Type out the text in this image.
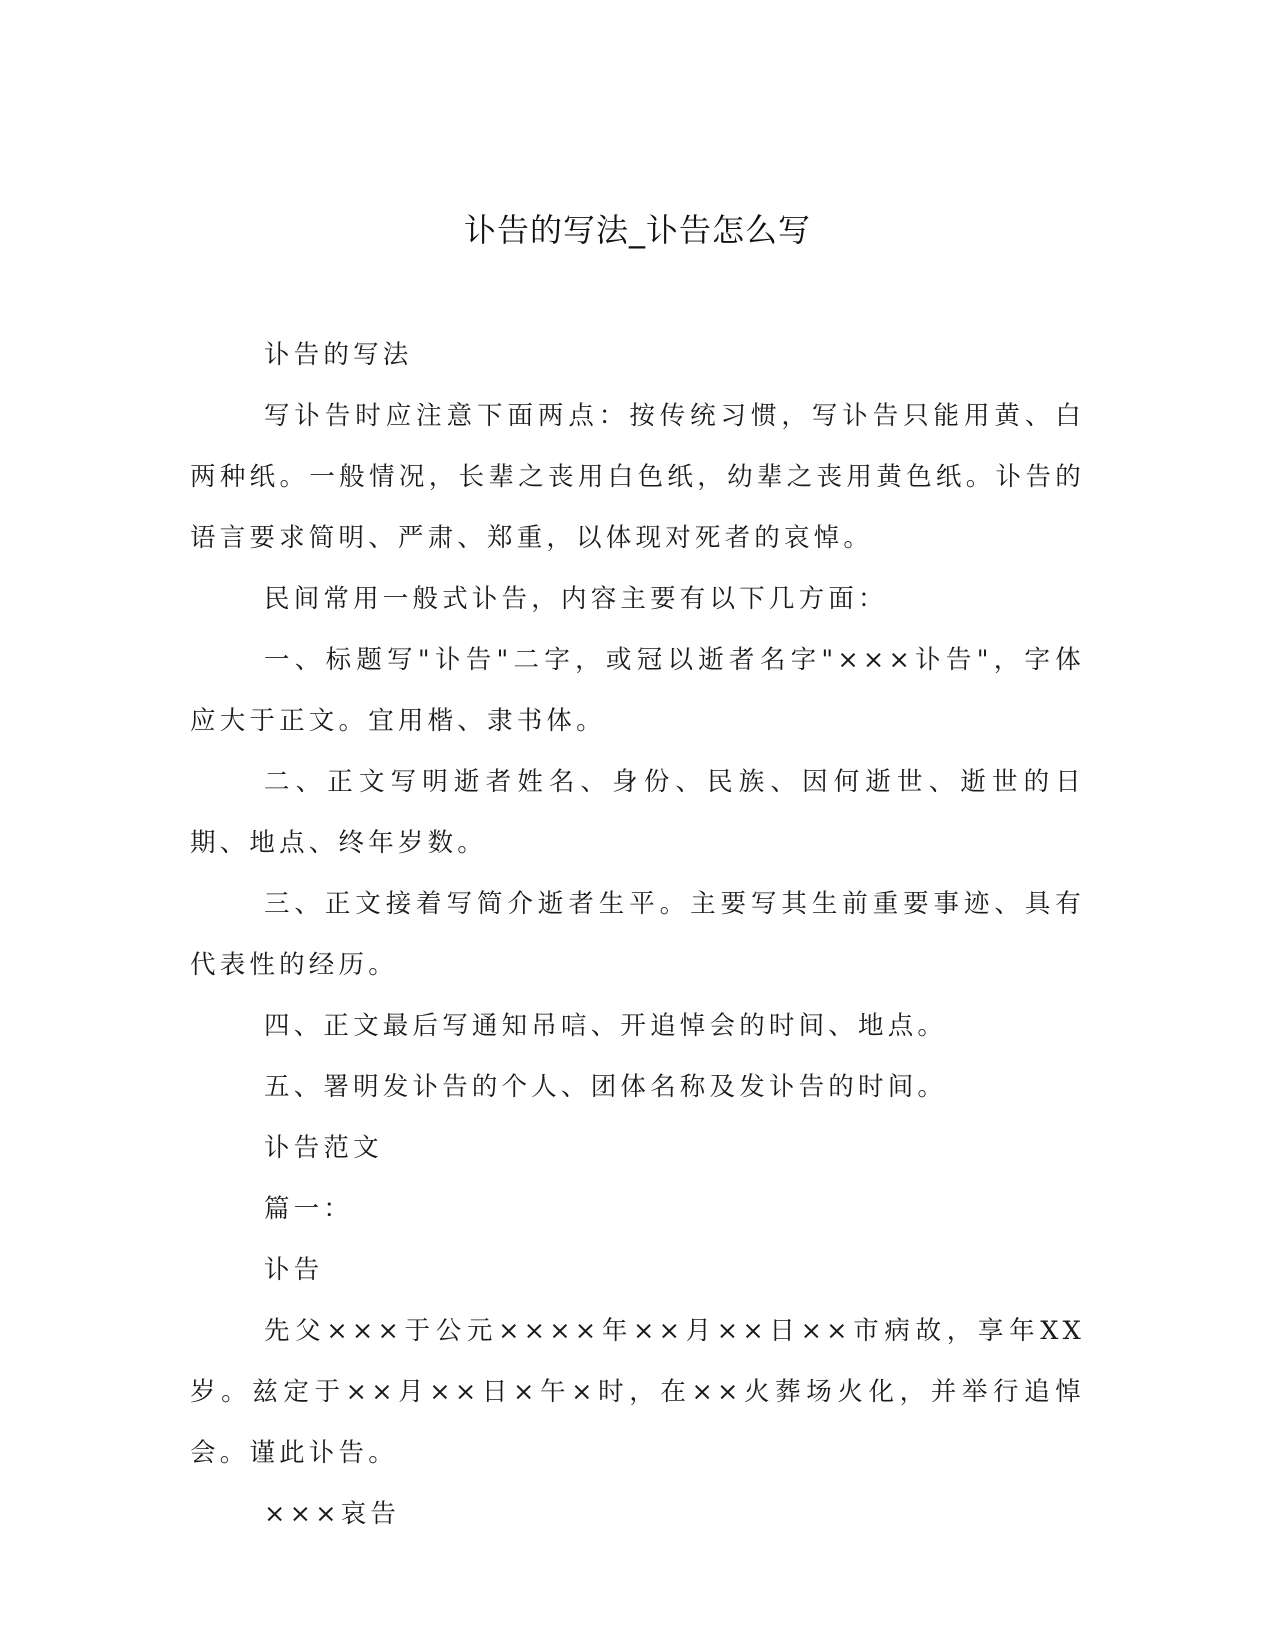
讣告的写法_讣告怎么写

讣告的写法

写讣告时应注意下面两点：按传统习惯，写讣告只能用黄、白两种纸。一般情况，长辈之丧用白色纸，幼辈之丧用黄色纸。讣告的语言要求简明、严肃、郑重，以体现对死者的哀悼。

民间常用一般式讣告，内容主要有以下几方面：

一、标题写"讣告"二字，或冠以逝者名字"×××讣告"，字体应大于正文。宜用楷、隶书体。

二、正文写明逝者姓名、身份、民族、因何逝世、逝世的日期、地点、终年岁数。

三、正文接着写简介逝者生平。主要写其生前重要事迹、具有代表性的经历。

四、正文最后写通知吊唁、开追悼会的时间、地点。

五、署明发讣告的个人、团体名称及发讣告的时间。

讣告范文

篇一：

讣告

先父×××于公元××××年××月××日××市病故，享年XX岁。兹定于××月××日×午×时，在××火葬场火化，并举行追悼会。谨此讣告。

×××哀告
